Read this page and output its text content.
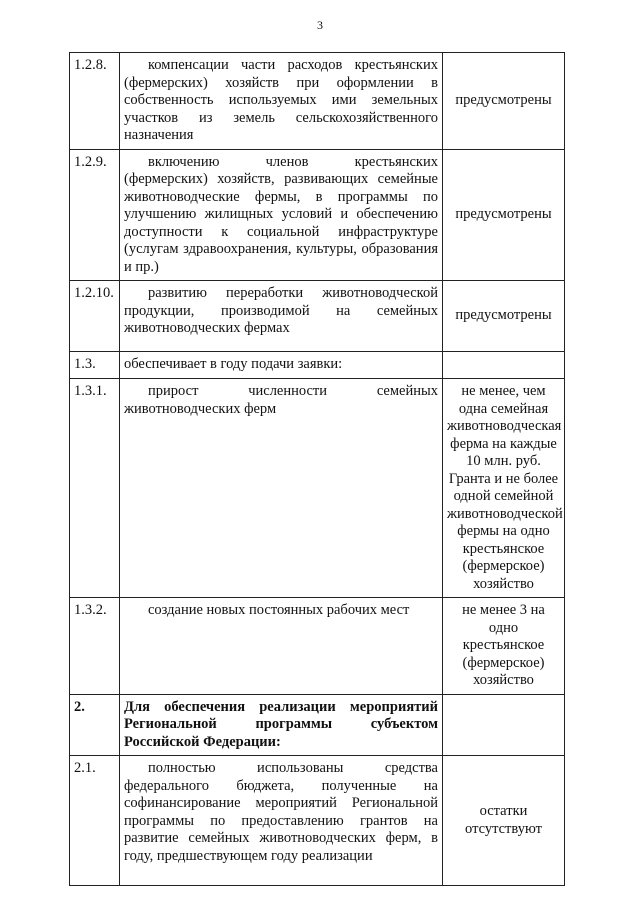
3
1.2.8.	компенсации части расходов крестьянских (фермерских) хозяйств при оформлении в собственность используемых ими земельных участков из земель сельскохозяйственного назначения	предусмотрены
1.2.9.	включению членов крестьянских (фермерских) хозяйств, развивающих семейные животноводческие фермы, в программы по улучшению жилищных условий и обеспечению доступности к социальной инфраструктуре (услугам здравоохранения, культуры, образования и пр.)	предусмотрены
1.2.10.	развитию переработки животноводческой продукции, производимой на семейных животноводческих фермах	предусмотрены
1.3.	обеспечивает в году подачи заявки:	
1.3.1.	прирост численности семейных животноводческих ферм	не менее, чем одна семейная животноводческая ферма на каждые 10 млн. руб. Гранта и не более одной семейной животноводческой фермы на одно крестьянское (фермерское) хозяйство
1.3.2.	создание новых постоянных рабочих мест	не менее 3 на одно крестьянское (фермерское) хозяйство
2.	Для обеспечения реализации мероприятий Региональной программы субъектом Российской Федерации:	
2.1.	полностью использованы средства федерального бюджета, полученные на софинансирование мероприятий Региональной программы по предоставлению грантов на развитие семейных животноводческих ферм, в году, предшествующем году реализации	остатки отсутствуют
